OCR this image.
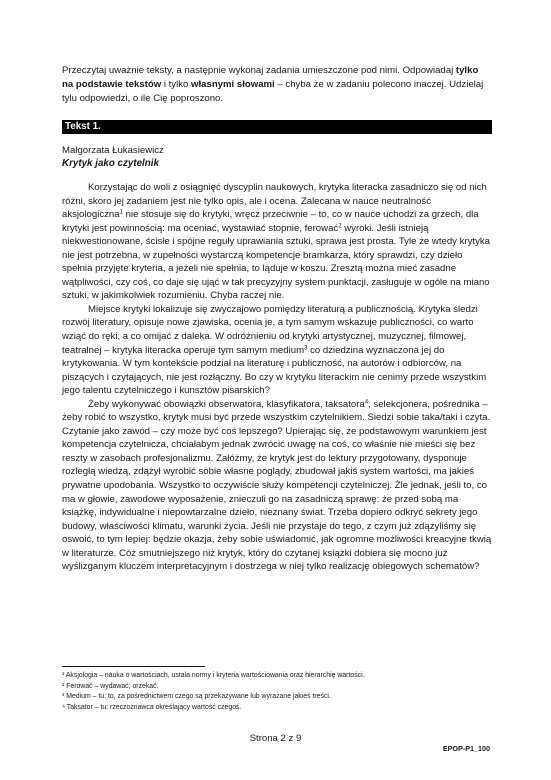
Przeczytaj uważnie teksty, a następnie wykonaj zadania umieszczone pod nimi. Odpowiadaj tylko na podstawie tekstów i tylko własnymi słowami – chyba że w zadaniu polecono inaczej. Udzielaj tylu odpowiedzi, o ile Cię poproszono.
Tekst 1.
Małgorzata Łukasiewicz
Krytyk jako czytelnik

Korzystając do woli z osiągnięć dyscyplin naukowych, krytyka literacka zasadniczo się od nich różni, skoro jej zadaniem jest nie tylko opis, ale i ocena. Zalecana w nauce neutralność aksjologiczna$^1$ nie stosuje się do krytyki, wręcz przeciwnie – to, co w nauce uchodzi za grzech, dla krytyki jest powinnością: ma oceniać, wystawiać stopnie, ferować$^2$ wyroki. Jeśli istnieją niekwestionowane, ścisłe i spójne reguły uprawiania sztuki, sprawa jest prosta. Tyle że wtedy krytyka nie jest potrzebna, w zupełności wystarczą kompetencje bramkarza, który sprawdzi, czy dzieło spełnia przyjęte kryteria, a jeżeli nie spełnia, to ląduje w koszu. Zresztą można mieć zasadne wątpliwości, czy coś, co daje się ująć w tak precyzyjny system punktacji, zasługuje w ogóle na miano sztuki, w jakimkolwiek rozumieniu. Chyba raczej nie.

Miejsce krytyki lokalizuje się zwyczajowo pomiędzy literaturą a publicznością. Krytyka śledzi rozwój literatury, opisuje nowe zjawiska, ocenia je, a tym samym wskazuje publiczności, co warto wziąć do ręki, a co omijać z daleka. W odróżnieniu od krytyki artystycznej, muzycznej, filmowej, teatralnej – krytyka literacka operuje tym samym medium$^3$ co dziedzina wyznaczona jej do krytykowania. W tym kontekście podział na literaturę i publiczność, na autorów i odbiorców, na piszących i czytających, nie jest rozłączny. Bo czy w krytyku literackim nie cenimy przede wszystkim jego talentu czytelniczego i kunsztów pisarskich?

Żeby wykonywać obowiązki obserwatora, klasyfikatora, taksatora$^4$, selekcjonera, pośrednika – żeby robić to wszystko, krytyk musi być przede wszystkim czytelnikiem. Siedzi sobie taka/taki i czyta. Czytanie jako zawód – czy może być coś lepszego? Upierając się, że podstawowym warunkiem jest kompetencja czytelnicza, chciałabym jednak zwrócić uwagę na coś, co właśnie nie mieści się bez reszty w zasobach profesjonalizmu. Załóżmy, że krytyk jest do lektury przygotowany, dysponuje rozległą wiedzą, zdążył wyrobić sobie własne poglądy, zbudował jakiś system wartości, ma jakieś prywatne upodobania. Wszystko to oczywiście służy kompetencji czytelniczej. Żle jednak, jeśli to, co ma w głowie, zawodowe wyposażenie, znieczuli go na zasadniczą sprawę: że przed sobą ma książkę, indywidualne i niepowtarzalne dzieło, nieznany świat. Trzeba dopiero odkryć sekrety jego budowy, właściwości klimatu, warunki życia. Jeśli nie przystaje do tego, z czym już zdążyliśmy się oswoić, to tym lepiej: będzie okazja, żeby sobie uświadomić, jak ogromne możliwości kreacyjne tkwią w literaturze. Cóż smutniejszego niż krytyk, który do czytanej książki dobiera się mocno już wyślizganym kluczem interpretacyjnym i dostrzega w niej tylko realizację obiegowych schematów?

¹ Aksjologia – nauka o wartościach, ustala normy i kryteria wartościowania oraz hierarchię wartości.
² Ferować – wydawać, orzekać.
³ Medium – tu: to, za pośrednictwem czego są przekazywane lub wyrażane jakieś treści.
⁴ Taksator – tu: rzeczoznawca określający wartość czegoś.
Strona 2 z 9
EPOP-P1_100
